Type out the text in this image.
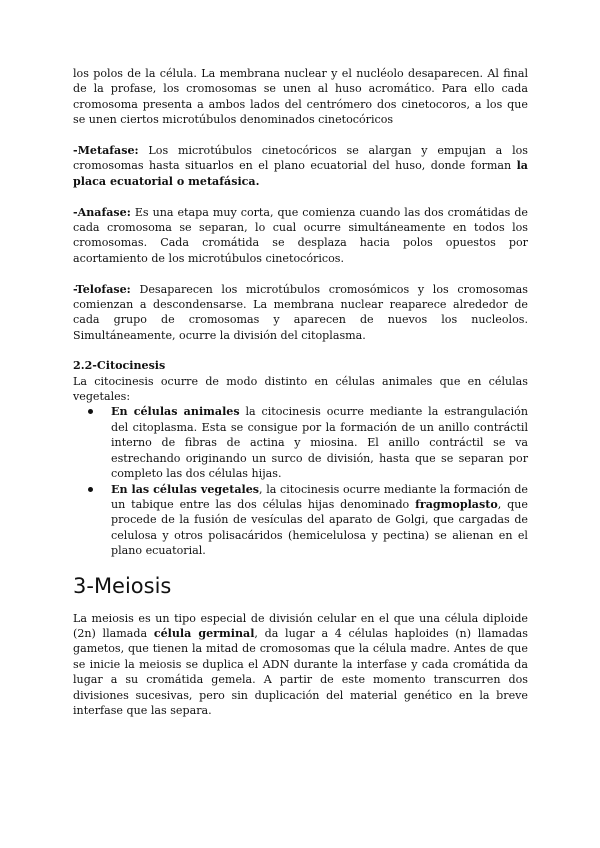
los polos de la célula. La membrana nuclear y el nucléolo desaparecen. Al final de la profase, los cromosomas se unen al huso acromático. Para ello cada cromosoma presenta a ambos lados del centrómero dos cinetocoros, a los que se unen ciertos microtúbulos denominados cinetocóricos

-Metafase: Los microtúbulos cinetocóricos se alargan y empujan a los cromosomas hasta situarlos en el plano ecuatorial del huso, donde forman la placa ecuatorial o metafásica.

-Anafase: Es una etapa muy corta, que comienza cuando las dos cromátidas de cada cromosoma se separan, lo cual ocurre simultáneamente en todos los cromosomas. Cada cromátida se desplaza hacia polos opuestos por acortamiento de los microtúbulos cinetocóricos.

-Telofase: Desaparecen los microtúbulos cromosómicos y los cromosomas comienzan a descondensarse. La membrana nuclear reaparece alrededor de cada grupo de cromosomas y aparecen de nuevos los nucleolos. Simultáneamente, ocurre la división del citoplasma.

2.2-Citocinesis

La citocinesis ocurre de modo distinto en células animales que en células vegetales:

En células animales la citocinesis ocurre mediante la estrangulación del citoplasma. Esta se consigue por la formación de un anillo contráctil interno de fibras de actina y miosina. El anillo contráctil se va estrechando originando un surco de división, hasta que se separan por completo las dos células hijas.
En las células vegetales, la citocinesis ocurre mediante la formación de un tabique entre las dos células hijas denominado fragmoplasto, que procede de la fusión de vesículas del aparato de Golgi, que cargadas de celulosa y otros polisacáridos (hemicelulosa y pectina) se alienan en el plano ecuatorial.
3-Meiosis

La meiosis es un tipo especial de división celular en el que una célula diploide (2n) llamada célula germinal, da lugar a 4 células haploides (n) llamadas gametos, que tienen la mitad de cromosomas que la célula madre. Antes de que se inicie la meiosis se duplica el ADN durante la interfase y cada cromátida da lugar a su cromátida gemela. A partir de este momento transcurren dos divisiones sucesivas, pero sin duplicación del material genético en la breve interfase que las separa.
